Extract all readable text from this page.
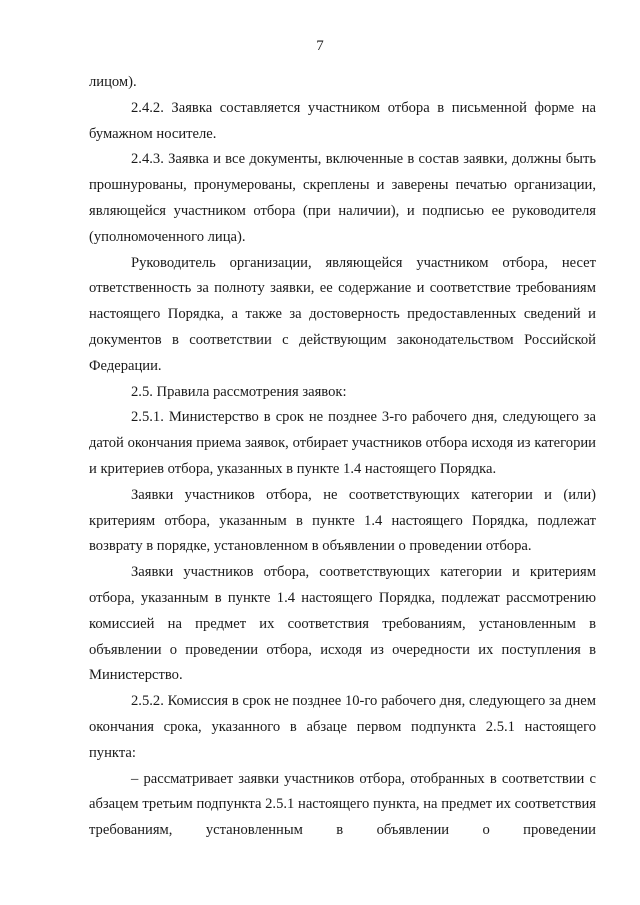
7

лицом).

2.4.2. Заявка составляется участником отбора в письменной форме на бумажном носителе.

2.4.3. Заявка и все документы, включенные в состав заявки, должны быть прошнурованы, пронумерованы, скреплены и заверены печатью организации, являющейся участником отбора (при наличии), и подписью ее руководителя (уполномоченного лица).

Руководитель организации, являющейся участником отбора, несет ответственность за полноту заявки, ее содержание и соответствие требованиям настоящего Порядка, а также за достоверность предоставленных сведений и документов в соответствии с действующим законодательством Российской Федерации.

2.5. Правила рассмотрения заявок:

2.5.1. Министерство в срок не позднее 3-го рабочего дня, следующего за датой окончания приема заявок, отбирает участников отбора исходя из категории и критериев отбора, указанных в пункте 1.4 настоящего Порядка.

Заявки участников отбора, не соответствующих категории и (или) критериям отбора, указанным в пункте 1.4 настоящего Порядка, подлежат возврату в порядке, установленном в объявлении о проведении отбора.

Заявки участников отбора, соответствующих категории и критериям отбора, указанным в пункте 1.4 настоящего Порядка, подлежат рассмотрению комиссией на предмет их соответствия требованиям, установленным в объявлении о проведении отбора, исходя из очередности их поступления в Министерство.

2.5.2. Комиссия в срок не позднее 10-го рабочего дня, следующего за днем окончания срока, указанного в абзаце первом подпункта 2.5.1 настоящего пункта:

– рассматривает заявки участников отбора, отобранных в соответствии с абзацем третьим подпункта 2.5.1 настоящего пункта, на предмет их соответствия требованиям, установленным в объявлении о проведении
